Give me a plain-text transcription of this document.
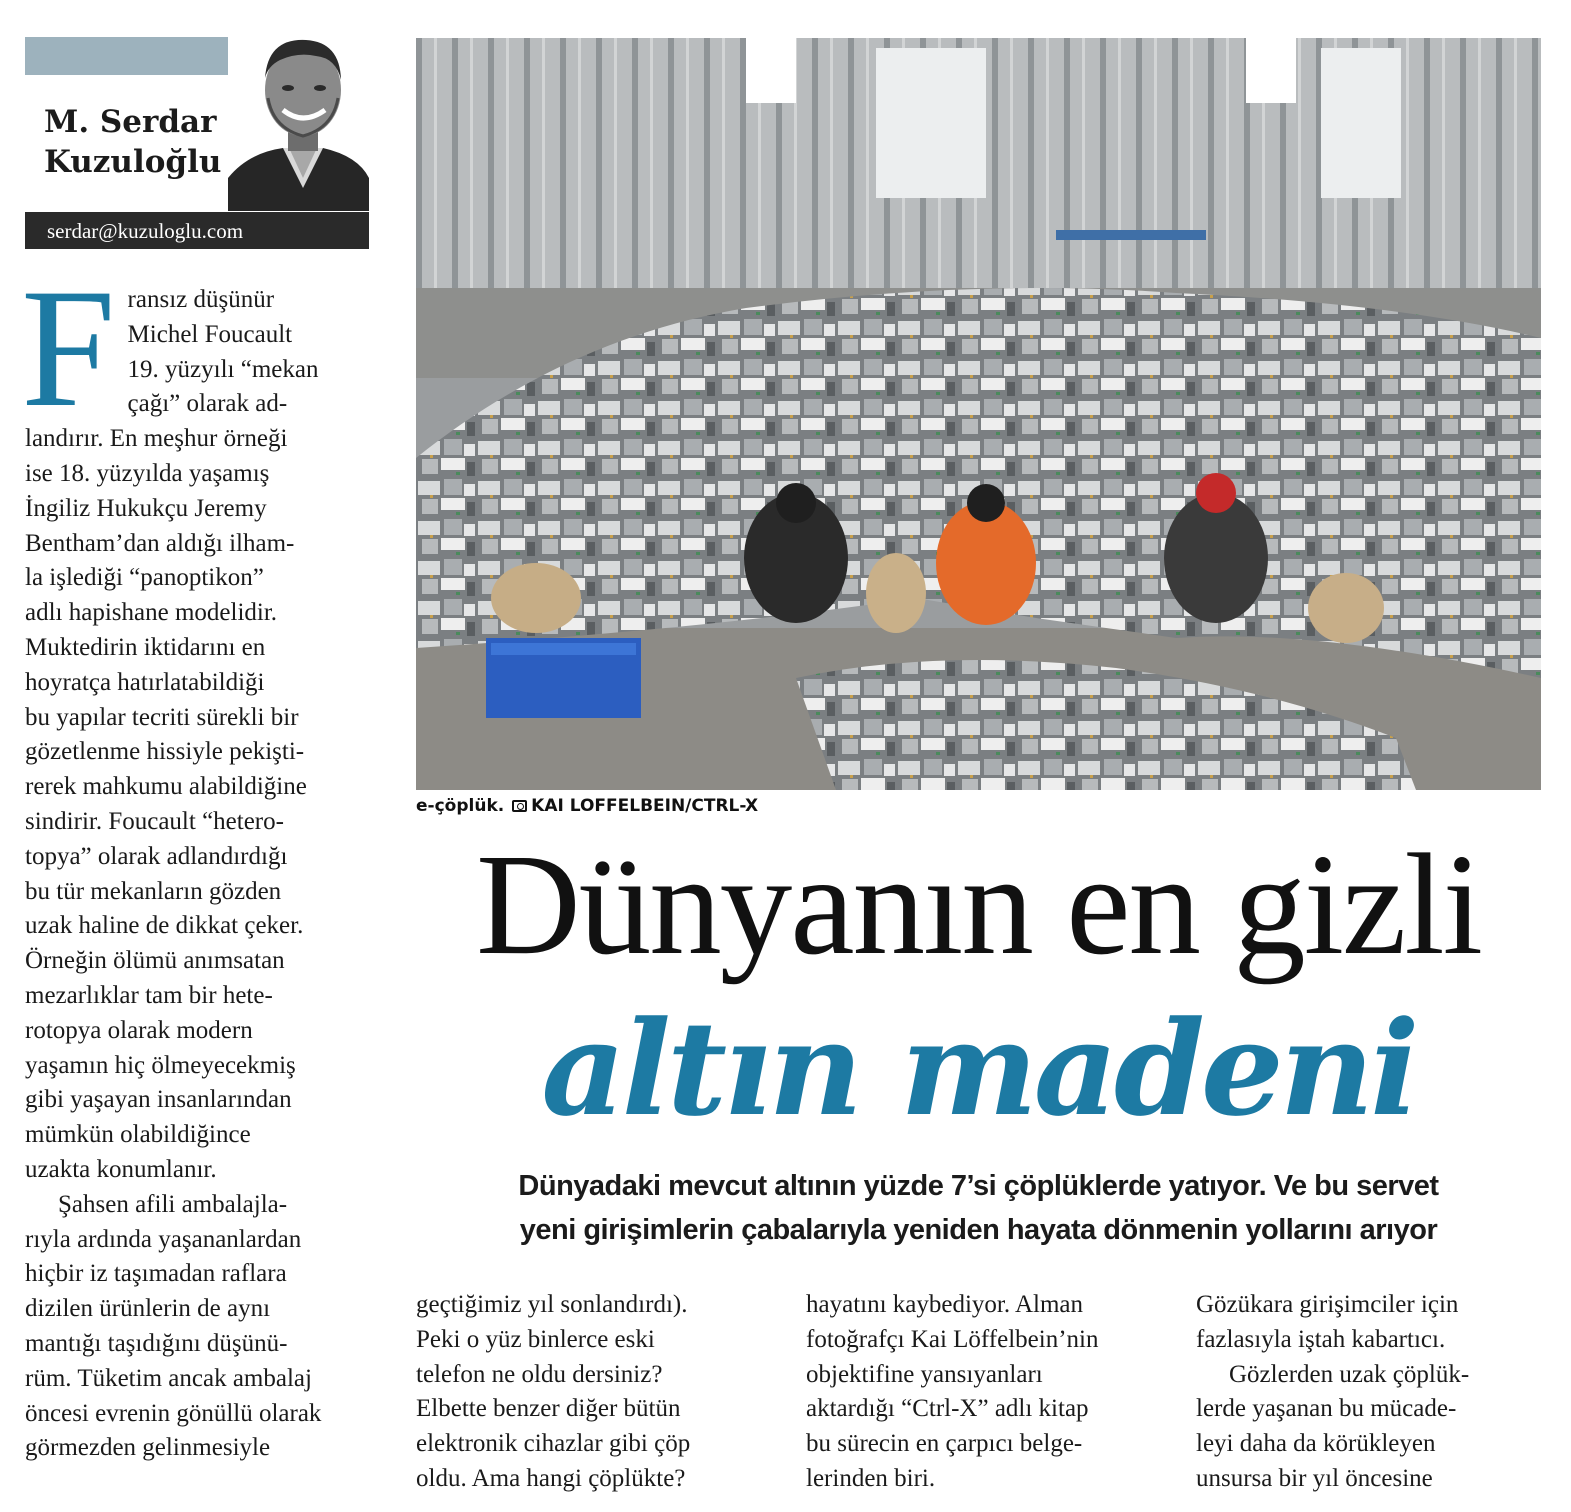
M. Serdar
Kuzuloğlu
serdar@kuzuloglu.com
F ransız düşünür
Michel Foucault
19. yüzyılı “mekan
çağı” olarak ad-
landırır. En meşhur örneği
ise 18. yüzyılda yaşamış
İngiliz Hukukçu Jeremy
Bentham’dan aldığı ilham-
la işlediği “panoptikon”
adlı hapishane modelidir.
Muktedirin iktidarını en
hoyratça hatırlatabildiği
bu yapılar tecriti sürekli bir
gözetlenme hissiyle pekişti-
rerek mahkumu alabildiğine
sindirir. Foucault “hetero-
topya” olarak adlandırdığı
bu tür mekanların gözden
uzak haline de dikkat çeker.
Örneğin ölümü anımsatan
mezarlıklar tam bir hete-
rotopya olarak modern
yaşamın hiç ölmeyecekmiş
gibi yaşayan insanlarından
mümkün olabildiğince
uzakta konumlanır.
Şahsen afili ambalajla-
rıyla ardında yaşananlardan
hiçbir iz taşımadan raflara
dizilen ürünlerin de aynı
mantığı taşıdığını düşünü-
rüm. Tüketim ancak ambalaj
öncesi evrenin gönüllü olarak
görmezden gelinmesiyle
e-çöplük. KAI LOFFELBEIN/CTRL-X
Dünyanın en gizli
altın madeni
Dünyadaki mevcut altının yüzde 7’si çöplüklerde yatıyor. Ve bu servet
yeni girişimlerin çabalarıyla yeniden hayata dönmenin yollarını arıyor
geçtiğimiz yıl sonlandırdı).
Peki o yüz binlerce eski
telefon ne oldu dersiniz?
Elbette benzer diğer bütün
elektronik cihazlar gibi çöp
oldu. Ama hangi çöplükte?
hayatını kaybediyor. Alman
fotoğrafçı Kai Löffelbein’nin
objektifine yansıyanları
aktardığı “Ctrl-X” adlı kitap
bu sürecin en çarpıcı belge-
lerinden biri.
Gözükara girişimciler için
fazlasıyla iştah kabartıcı.
Gözlerden uzak çöplük-
lerde yaşanan bu mücade-
leyi daha da körükleyen
unsursa bir yıl öncesine
